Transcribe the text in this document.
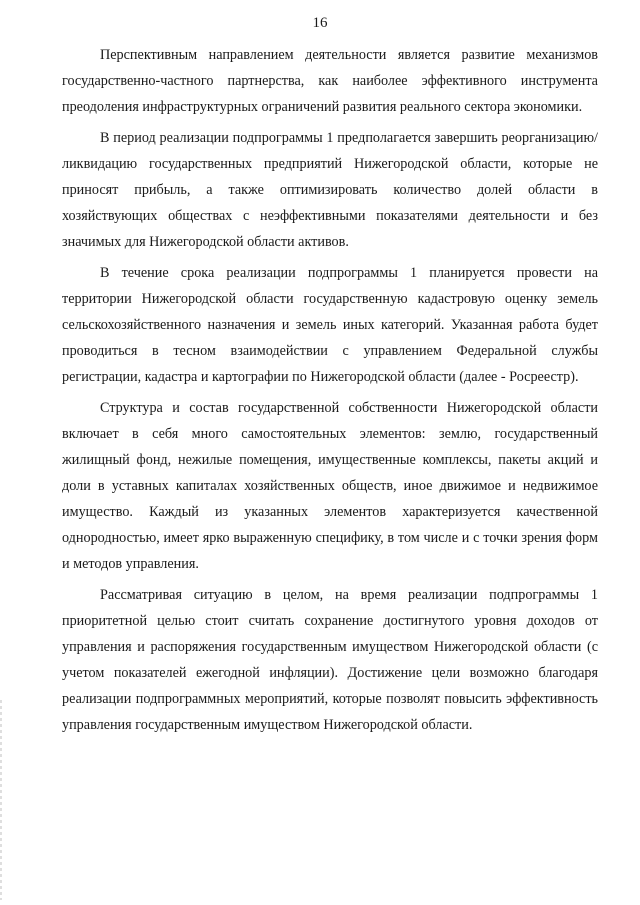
16

Перспективным направлением деятельности является развитие механизмов государственно-частного партнерства, как наиболее эффективного инструмента преодоления инфраструктурных ограничений развития реального сектора экономики.

В период реализации подпрограммы 1 предполагается завершить реорганизацию/ликвидацию государственных предприятий Нижегородской области, которые не приносят прибыль, а также оптимизировать количество долей области в хозяйствующих обществах с неэффективными показателями деятельности и без значимых для Нижегородской области активов.

В течение срока реализации подпрограммы 1 планируется провести на территории Нижегородской области государственную кадастровую оценку земель сельскохозяйственного назначения и земель иных категорий. Указанная работа будет проводиться в тесном взаимодействии с управлением Федеральной службы регистрации, кадастра и картографии по Нижегородской области (далее - Росреестр).

Структура и состав государственной собственности Нижегородской области включает в себя много самостоятельных элементов: землю, государственный жилищный фонд, нежилые помещения, имущественные комплексы, пакеты акций и доли в уставных капиталах хозяйственных обществ, иное движимое и недвижимое имущество. Каждый из указанных элементов характеризуется качественной однородностью, имеет ярко выраженную специфику, в том числе и с точки зрения форм и методов управления.

Рассматривая ситуацию в целом, на время реализации подпрограммы 1 приоритетной целью стоит считать сохранение достигнутого уровня доходов от управления и распоряжения государственным имуществом Нижегородской области (с учетом показателей ежегодной инфляции). Достижение цели возможно благодаря реализации подпрограммных мероприятий, которые позволят повысить эффективность управления государственным имуществом Нижегородской области.
